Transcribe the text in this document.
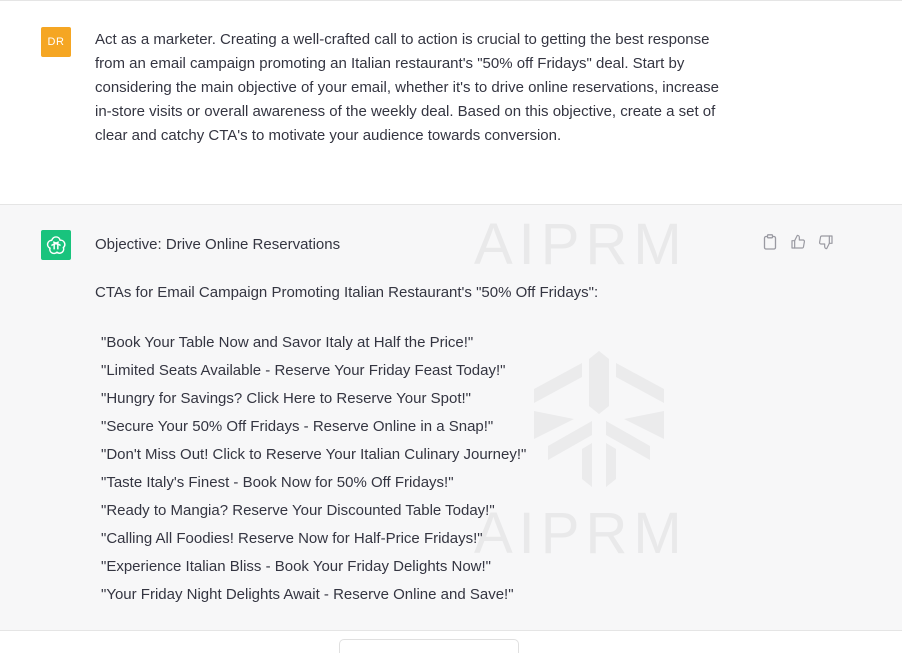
DR	Act as a marketer. Creating a well-crafted call to action is crucial to getting the best response from an email campaign promoting an Italian restaurant's "50% off Fridays" deal. Start by considering the main objective of your email, whether it's to drive online reservations, increase in-store visits or overall awareness of the weekly deal. Based on this objective, create a set of clear and catchy CTA's to motivate your audience towards conversion.
AIPRM
AIPRM
Objective: Drive Online Reservations
CTAs for Email Campaign Promoting Italian Restaurant's "50% Off Fridays":
"Book Your Table Now and Savor Italy at Half the Price!"
"Limited Seats Available - Reserve Your Friday Feast Today!"
"Hungry for Savings? Click Here to Reserve Your Spot!"
"Secure Your 50% Off Fridays - Reserve Online in a Snap!"
"Don't Miss Out! Click to Reserve Your Italian Culinary Journey!"
"Taste Italy's Finest - Book Now for 50% Off Fridays!"
"Ready to Mangia? Reserve Your Discounted Table Today!"
"Calling All Foodies! Reserve Now for Half-Price Fridays!"
"Experience Italian Bliss - Book Your Friday Delights Now!"
"Your Friday Night Delights Await - Reserve Online and Save!"
